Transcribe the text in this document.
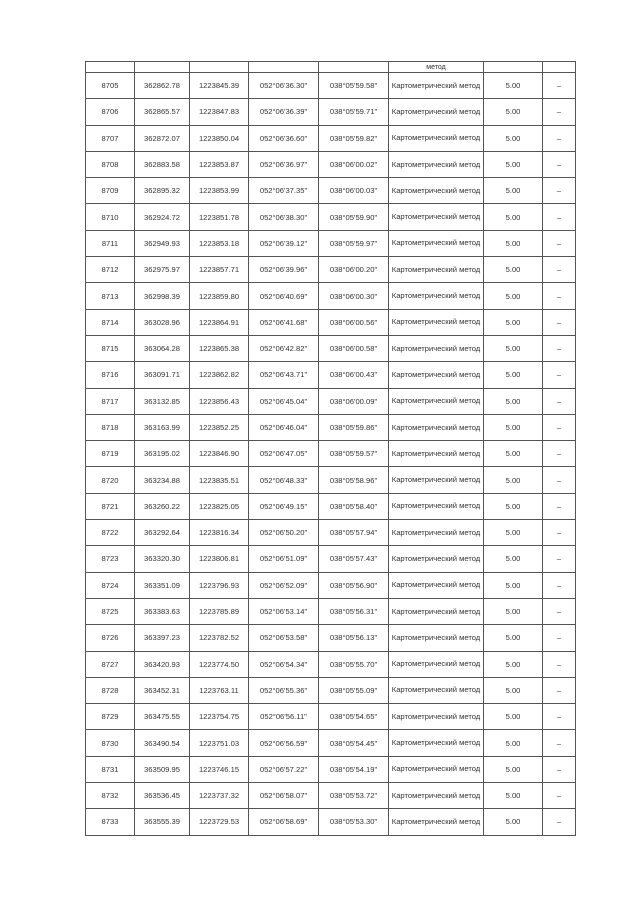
					метод		
8705	362862.78	1223845.39	052°06'36.30"	038°05'59.58"	Картометрический метод	5.00	–
8706	362865.57	1223847.83	052°06'36.39"	038°05'59.71"	Картометрический метод	5.00	–
8707	362872.07	1223850.04	052°06'36.60"	038°05'59.82"	Картометрический метод	5.00	–
8708	362883.58	1223853.87	052°06'36.97"	038°06'00.02"	Картометрический метод	5.00	–
8709	362895.32	1223853.99	052°06'37.35"	038°06'00.03"	Картометрический метод	5.00	–
8710	362924.72	1223851.78	052°06'38.30"	038°05'59.90"	Картометрический метод	5.00	–
8711	362949.93	1223853.18	052°06'39.12"	038°05'59.97"	Картометрический метод	5.00	–
8712	362975.97	1223857.71	052°06'39.96"	038°06'00.20"	Картометрический метод	5.00	–
8713	362998.39	1223859.80	052°06'40.69"	038°06'00.30"	Картометрический метод	5.00	–
8714	363028.96	1223864.91	052°06'41.68"	038°06'00.56"	Картометрический метод	5.00	–
8715	363064.28	1223865.38	052°06'42.82"	038°06'00.58"	Картометрический метод	5.00	–
8716	363091.71	1223862.82	052°06'43.71"	038°06'00.43"	Картометрический метод	5.00	–
8717	363132.85	1223856.43	052°06'45.04"	038°06'00.09"	Картометрический метод	5.00	–
8718	363163.99	1223852.25	052°06'46.04"	038°05'59.86"	Картометрический метод	5.00	–
8719	363195.02	1223846.90	052°06'47.05"	038°05'59.57"	Картометрический метод	5.00	–
8720	363234.88	1223835.51	052°06'48.33"	038°05'58.96"	Картометрический метод	5.00	–
8721	363260.22	1223825.05	052°06'49.15"	038°05'58.40"	Картометрический метод	5.00	–
8722	363292.64	1223816.34	052°06'50.20"	038°05'57.94"	Картометрический метод	5.00	–
8723	363320.30	1223806.81	052°06'51.09"	038°05'57.43"	Картометрический метод	5.00	–
8724	363351.09	1223796.93	052°06'52.09"	038°05'56.90"	Картометрический метод	5.00	–
8725	363383.63	1223785.89	052°06'53.14"	038°05'56.31"	Картометрический метод	5.00	–
8726	363397.23	1223782.52	052°06'53.58"	038°05'56.13"	Картометрический метод	5.00	–
8727	363420.93	1223774.50	052°06'54.34"	038°05'55.70"	Картометрический метод	5.00	–
8728	363452.31	1223763.11	052°06'55.36"	038°05'55.09"	Картометрический метод	5.00	–
8729	363475.55	1223754.75	052°06'56.11"	038°05'54.65"	Картометрический метод	5.00	–
8730	363490.54	1223751.03	052°06'56.59"	038°05'54.45"	Картометрический метод	5.00	–
8731	363509.95	1223746.15	052°06'57.22"	038°05'54.19"	Картометрический метод	5.00	–
8732	363536.45	1223737.32	052°06'58.07"	038°05'53.72"	Картометрический метод	5.00	–
8733	363555.39	1223729.53	052°06'58.69"	038°05'53.30"	Картометрический метод	5.00	–
